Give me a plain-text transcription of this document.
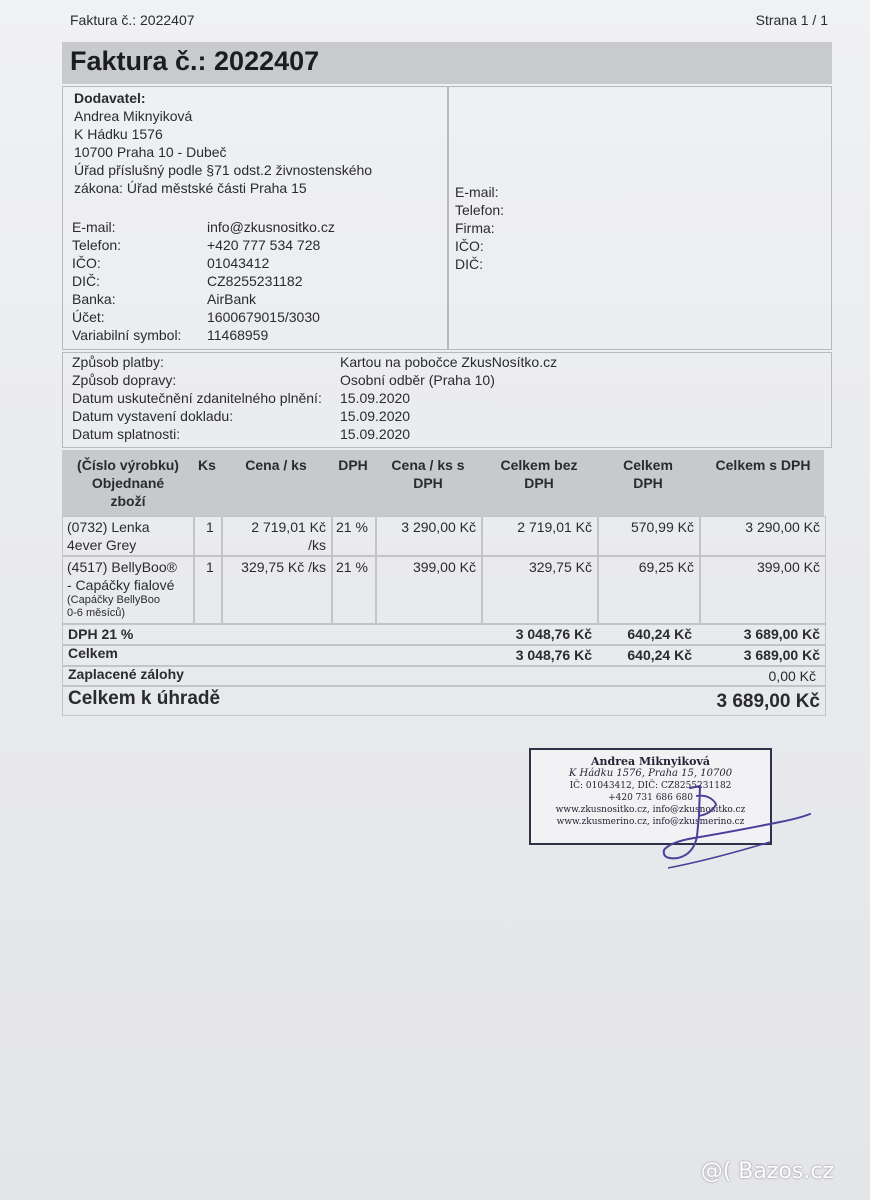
Faktura č.: 2022407	Strana 1 / 1
Faktura č.: 2022407
Dodavatel:
Andrea Miknyiková
K Hádku 1576
10700 Praha 10 - Dubeč
Úřad příslušný podle §71 odst.2 živnostenského
zákona: Úřad městské části Praha 15
E-mail:	info@zkusnositko.cz
Telefon:	+420 777 534 728
IČO:	01043412
DIČ:	CZ8255231182
Banka:	AirBank
Účet:	1600679015/3030
Variabilní symbol: 11468959
E-mail:
Telefon:
Firma:
IČO:
DIČ:
Způsob platby:	Kartou na pobočce ZkusNosítko.cz
Způsob dopravy:	Osobní odběr (Praha 10)
Datum uskutečnění zdanitelného plnění: 15.09.2020
Datum vystavení dokladu:	15.09.2020
Datum splatnosti:	15.09.2020
(Číslo výrobku)
Objednané
zboží
Ks	Cena / ks	DPH	Cena / ks s
DPH
Celkem bez
DPH
Celkem
DPH
Celkem s DPH
(0732) Lenka
4ever Grey
1	2 719,01 Kč
/ks
21 %	3 290,00 Kč	2 719,01 Kč	570,99 Kč	3 290,00 Kč
(4517) BellyBoo®
- Capáčky fialové
(Capáčky BellyBoo
0-6 měsíců)
1	329,75 Kč /ks 21 %	399,00 Kč	329,75 Kč	69,25 Kč	399,00 Kč
DPH 21 %	3 048,76 Kč	640,24 Kč	3 689,00 Kč
Celkem	3 048,76 Kč	640,24 Kč	3 689,00 Kč
Zaplacené zálohy	0,00 Kč
Celkem k úhradě	3 689,00 Kč
Andrea Miknyiková
K Hádku 1576, Praha 15, 10700
IČ: 01043412, DIČ: CZ8255231182
+420 731 686 680
www.zkusnositko.cz, info@zkusnositko.cz
www.zkusmerino.cz, info@zkusmerino.cz
@( Bazos.cz
